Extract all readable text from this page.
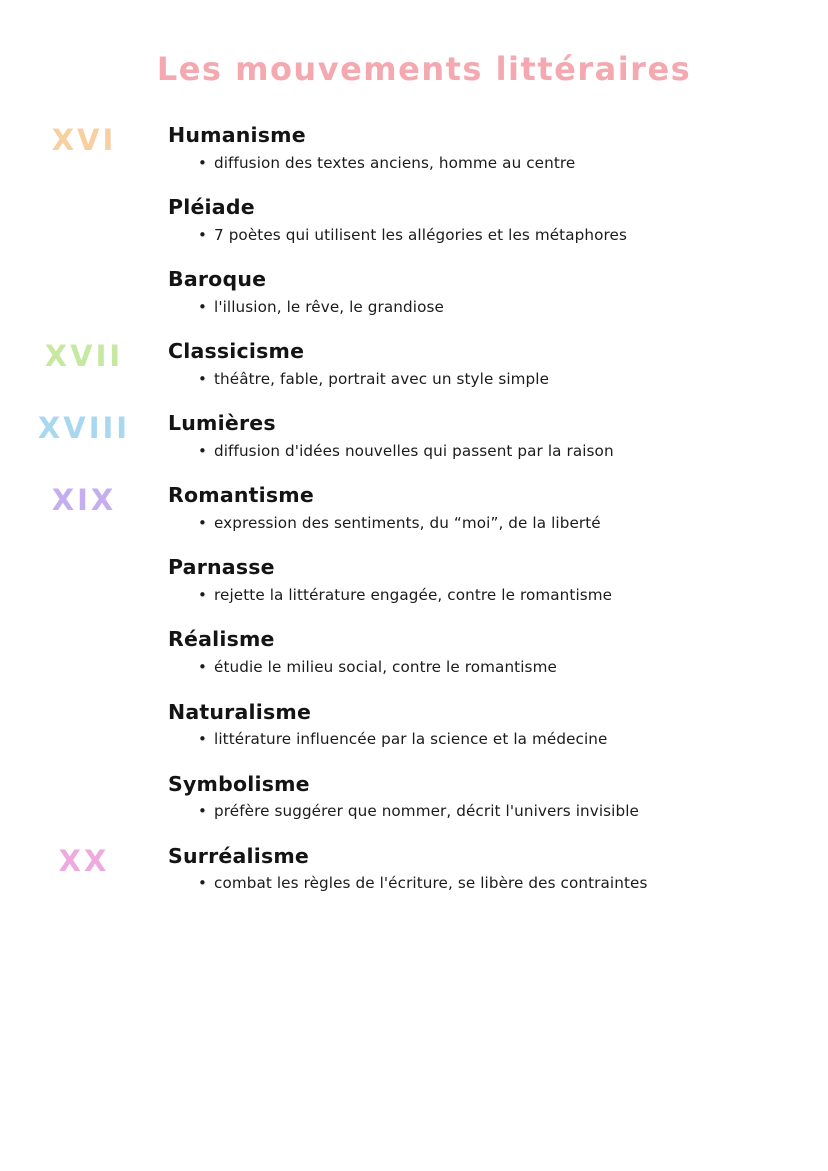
Les mouvements littéraires
XVI	Humanisme
• diffusion des textes anciens, homme au centre
Pléiade
• 7 poètes qui utilisent les allégories et les métaphores
Baroque
• l'illusion, le rêve, le grandiose
XVII	Classicisme
• théâtre, fable, portrait avec un style simple
XVIII	Lumières
• diffusion d'idées nouvelles qui passent par la raison
XIX	Romantisme
• expression des sentiments, du “moi”, de la liberté
Parnasse
• rejette la littérature engagée, contre le romantisme
Réalisme
• étudie le milieu social, contre le romantisme
Naturalisme
• littérature influencée par la science et la médecine
Symbolisme
• préfère suggérer que nommer, décrit l'univers invisible
XX	Surréalisme
• combat les règles de l'écriture, se libère des contraintes
